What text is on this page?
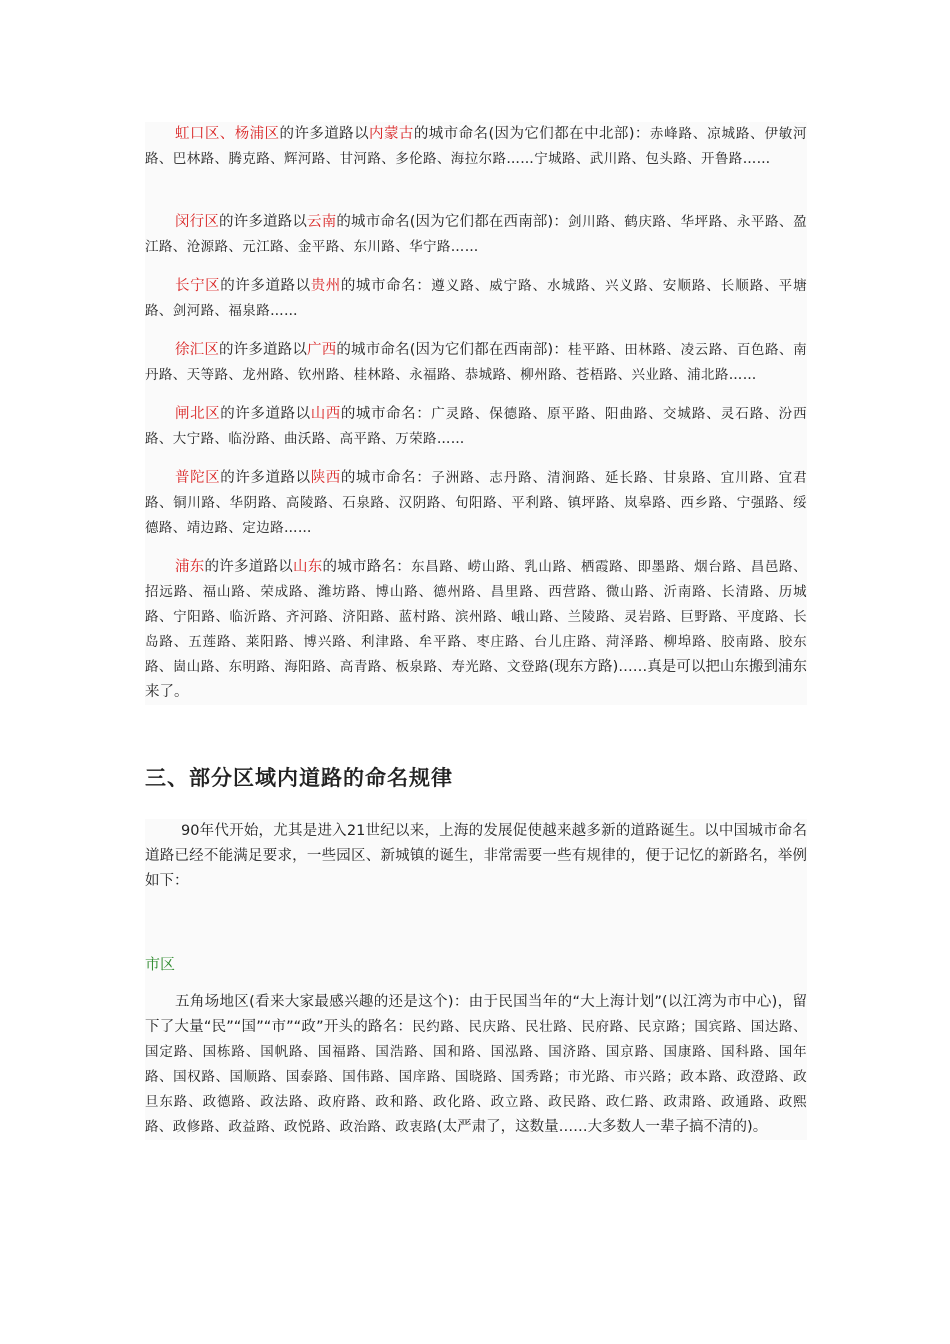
虹口区、杨浦区的许多道路以内蒙古的城市命名(因为它们都在中北部)：赤峰路、凉城路、伊敏河路、巴林路、腾克路、辉河路、甘河路、多伦路、海拉尔路……宁城路、武川路、包头路、开鲁路……

闵行区的许多道路以云南的城市命名(因为它们都在西南部)：剑川路、鹤庆路、华坪路、永平路、盈江路、沧源路、元江路、金平路、东川路、华宁路……

长宁区的许多道路以贵州的城市命名：遵义路、威宁路、水城路、兴义路、安顺路、长顺路、平塘路、剑河路、福泉路……

徐汇区的许多道路以广西的城市命名(因为它们都在西南部)：桂平路、田林路、凌云路、百色路、南丹路、天等路、龙州路、钦州路、桂林路、永福路、恭城路、柳州路、苍梧路、兴业路、浦北路……

闸北区的许多道路以山西的城市命名：广灵路、保德路、原平路、阳曲路、交城路、灵石路、汾西路、大宁路、临汾路、曲沃路、高平路、万荣路……

普陀区的许多道路以陕西的城市命名：子洲路、志丹路、清涧路、延长路、甘泉路、宜川路、宜君路、铜川路、华阴路、高陵路、石泉路、汉阴路、旬阳路、平利路、镇坪路、岚皋路、西乡路、宁强路、绥德路、靖边路、定边路……

浦东的许多道路以山东的城市路名：东昌路、崂山路、乳山路、栖霞路、即墨路、烟台路、昌邑路、招远路、福山路、荣成路、潍坊路、博山路、德州路、昌里路、西营路、微山路、沂南路、长清路、历城路、宁阳路、临沂路、齐河路、济阳路、蓝村路、滨州路、峨山路、兰陵路、灵岩路、巨野路、平度路、长岛路、五莲路、莱阳路、博兴路、利津路、牟平路、枣庄路、台儿庄路、菏泽路、柳埠路、胶南路、胶东路、崮山路、东明路、海阳路、高青路、板泉路、寿光路、文登路(现东方路)……真是可以把山东搬到浦东来了。

三、部分区域内道路的命名规律

90年代开始，尤其是进入21世纪以来，上海的发展促使越来越多新的道路诞生。以中国城市命名道路已经不能满足要求，一些园区、新城镇的诞生，非常需要一些有规律的，便于记忆的新路名，举例如下：

市区

五角场地区(看来大家最感兴趣的还是这个)：由于民国当年的“大上海计划”(以江湾为市中心)，留下了大量“民”“国”“市”“政”开头的路名：民约路、民庆路、民壮路、民府路、民京路；国宾路、国达路、国定路、国栋路、国帆路、国福路、国浩路、国和路、国泓路、国济路、国京路、国康路、国科路、国年路、国权路、国顺路、国泰路、国伟路、国庠路、国晓路、国秀路；市光路、市兴路；政本路、政澄路、政旦东路、政德路、政法路、政府路、政和路、政化路、政立路、政民路、政仁路、政肃路、政通路、政熙路、政修路、政益路、政悦路、政治路、政衷路(太严肃了，这数量……大多数人一辈子搞不清的)。
